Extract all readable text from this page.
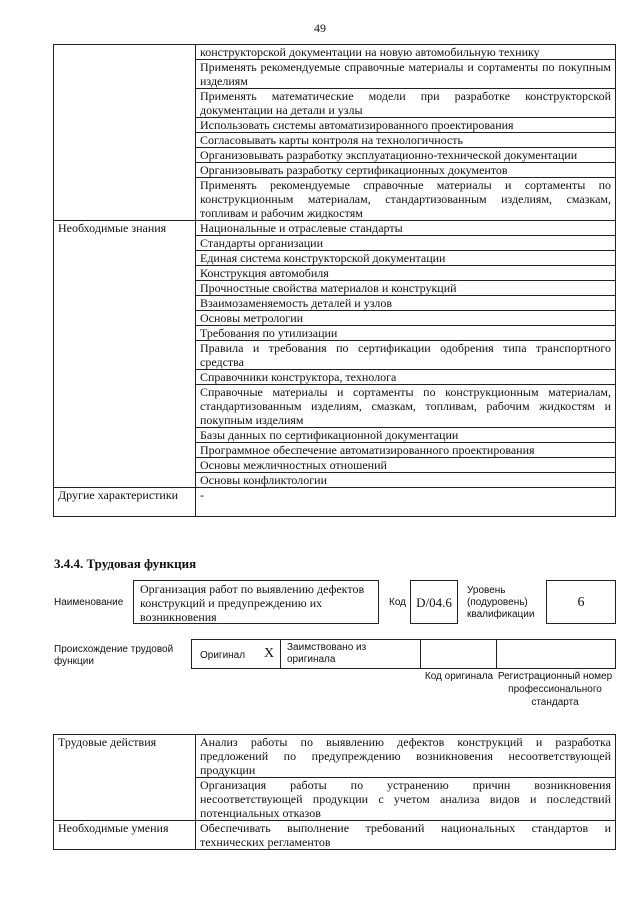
49
	конструкторской документации на новую автомобильную технику
	Применять рекомендуемые справочные материалы и сортаменты по покупным изделиям
	Применять математические модели при разработке конструкторской документации на детали и узлы
	Использовать системы автоматизированного проектирования
	Согласовывать карты контроля на технологичность
	Организовывать разработку эксплуатационно-технической документации
	Организовывать разработку сертификационных документов
	Применять рекомендуемые справочные материалы и сортаменты по конструкционным материалам, стандартизованным изделиям, смазкам, топливам и рабочим жидкостям
Необходимые знания	Национальные и отраслевые стандарты
	Стандарты организации
	Единая система конструкторской документации
	Конструкция автомобиля
	Прочностные свойства материалов и конструкций
	Взаимозаменяемость деталей и узлов
	Основы метрологии
	Требования по утилизации
	Правила и требования по сертификации одобрения типа транспортного средства
	Справочники конструктора, технолога
	Справочные материалы и сортаменты по конструкционным материалам, стандартизованным изделиям, смазкам, топливам, рабочим жидкостям и покупным изделиям
	Базы данных по сертификационной документации
	Программное обеспечение автоматизированного проектирования
	Основы межличностных отношений
	Основы конфликтологии
Другие характеристики	-
3.4.4. Трудовая функция
Наименование
Организация работ по выявлению дефектов конструкций и предупреждению их возникновения
Код D/04.6
Уровень (подуровень) квалификации
6
Происхождение трудовой функции
Оригинал X Заимствовано из оригинала
Код оригинала Регистрационный номер профессионального стандарта
Трудовые действия	Анализ работы по выявлению дефектов конструкций и разработка предложений по предупреждению возникновения несоответствующей продукции
	Организация работы по устранению причин возникновения несоответствующей продукции с учетом анализа видов и последствий потенциальных отказов
Необходимые умения	Обеспечивать выполнение требований национальных стандартов и технических регламентов
